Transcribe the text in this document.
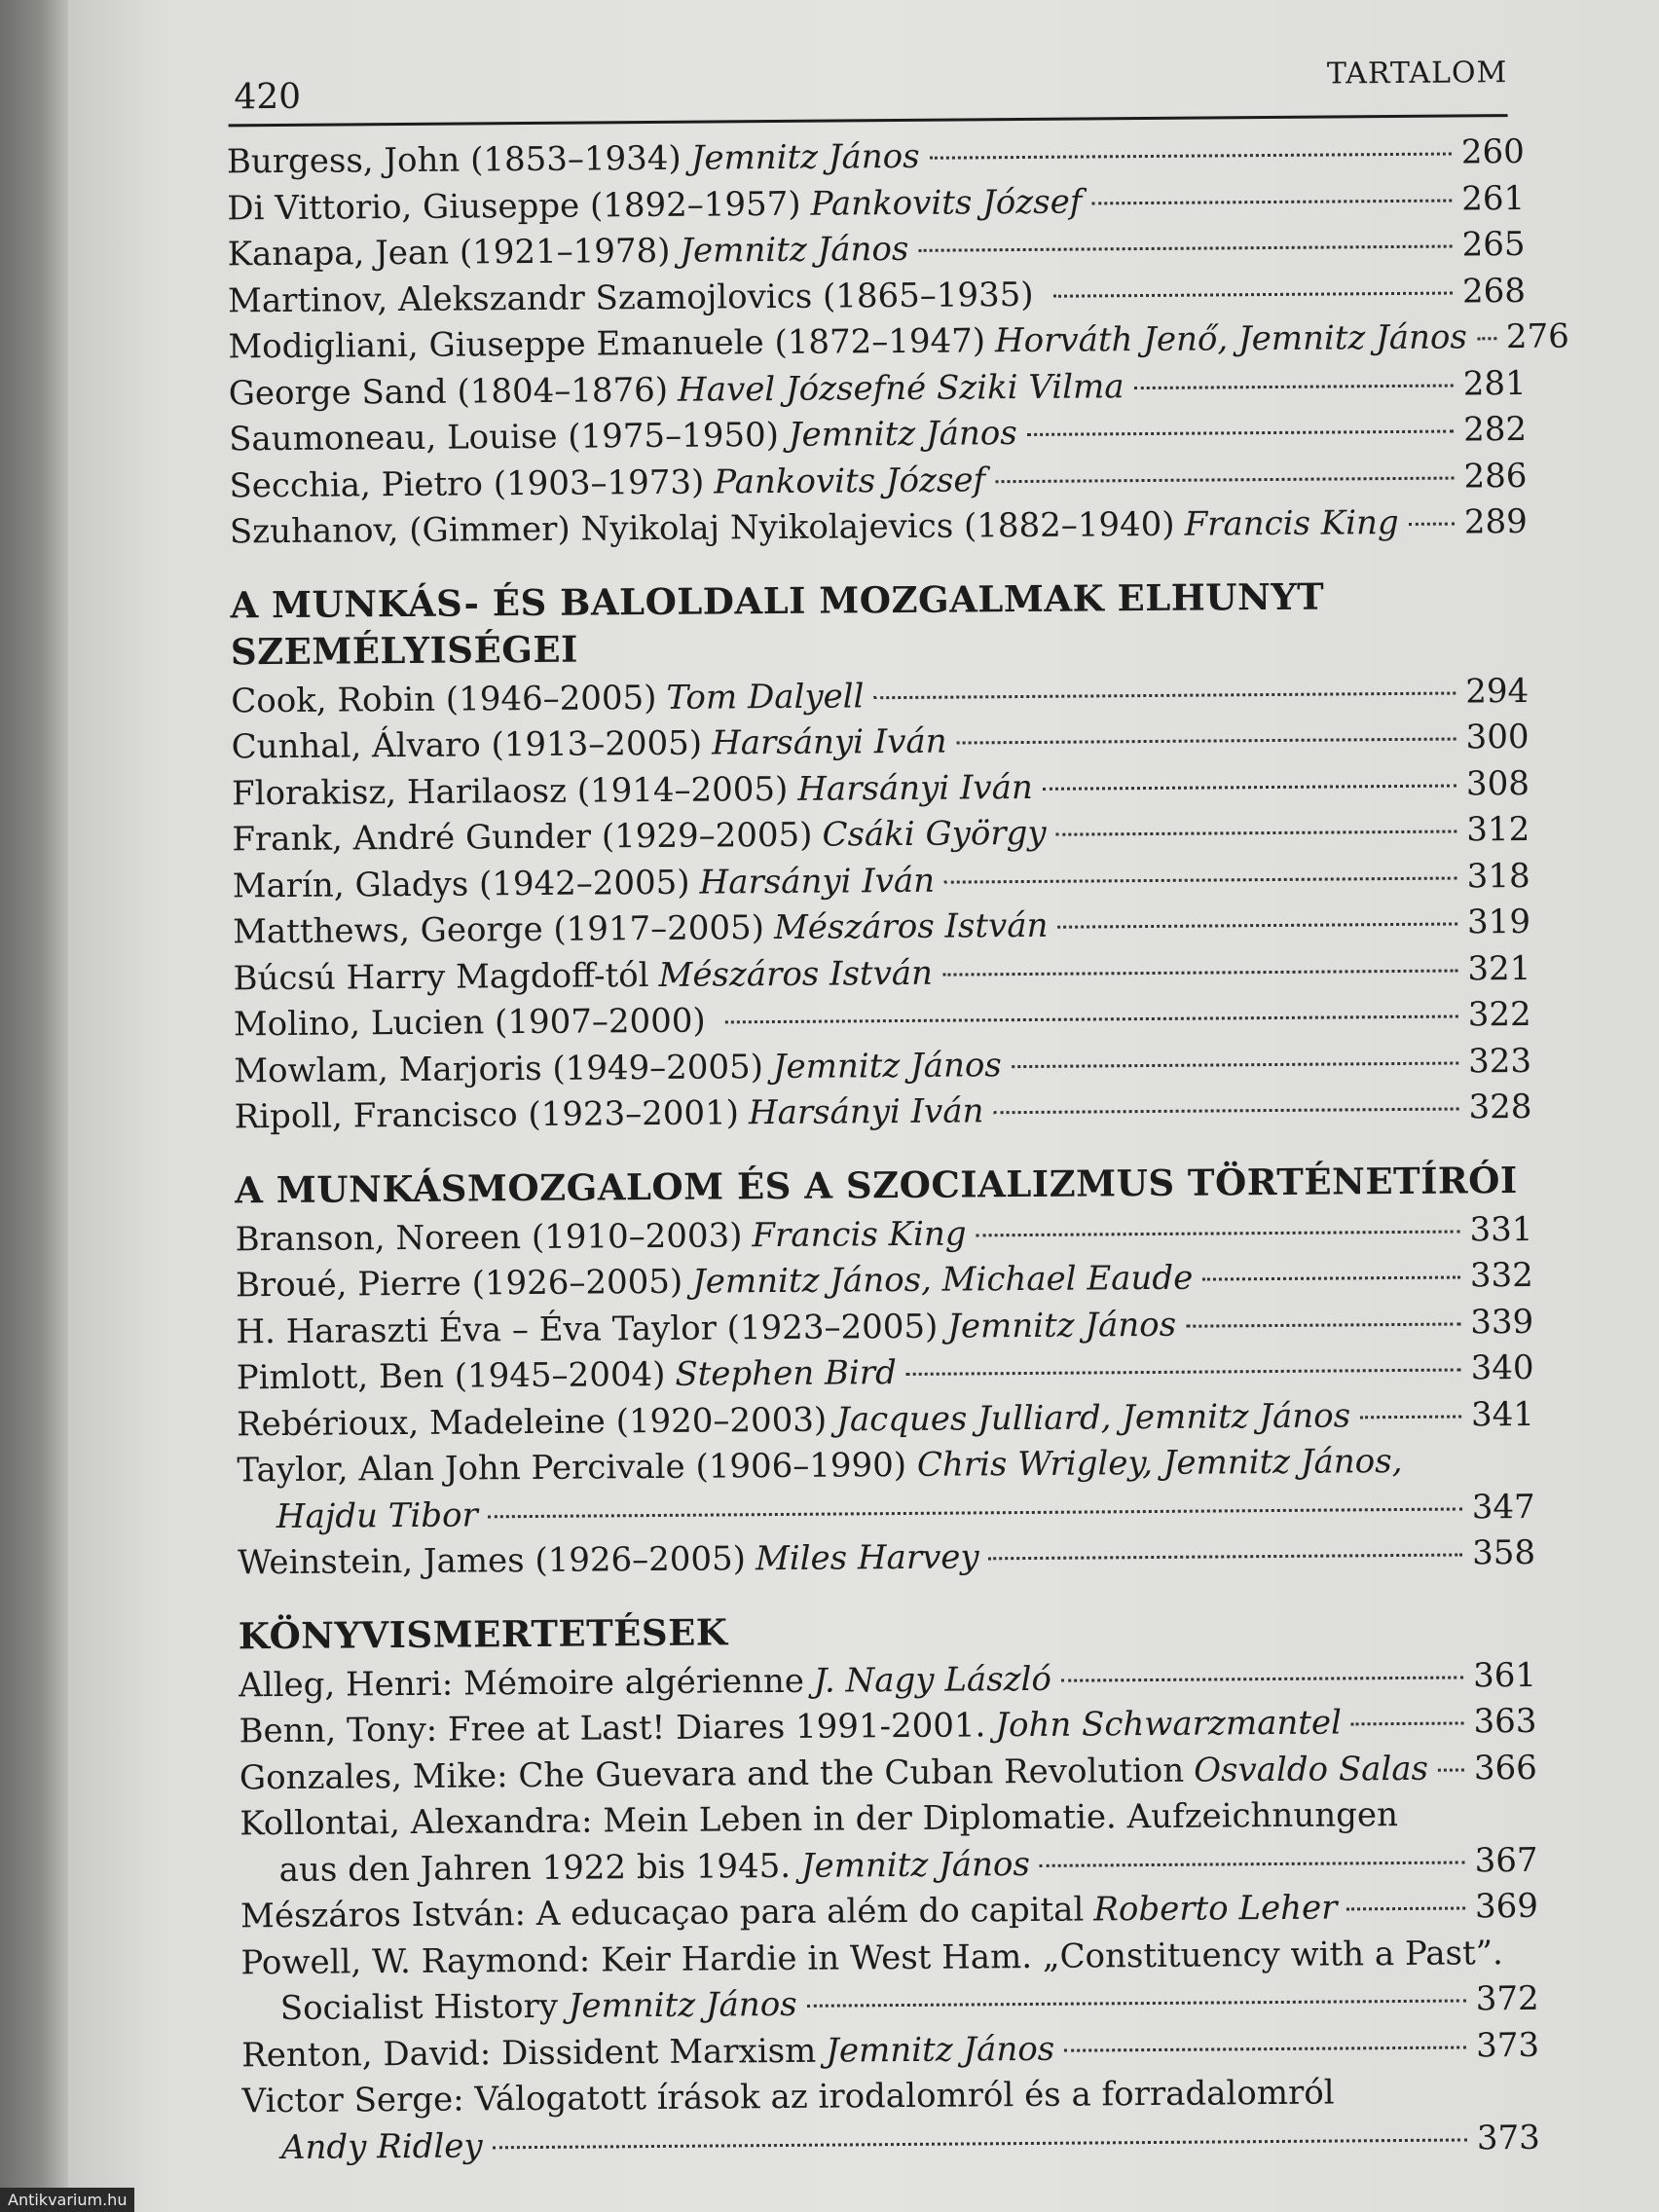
420
TARTALOM
Burgess, John (1853–1934) Jemnitz János	260
Di Vittorio, Giuseppe (1892–1957) Pankovits József	261
Kanapa, Jean (1921–1978) Jemnitz János	265
Martinov, Alekszandr Szamojlovics (1865–1935)	268
Modigliani, Giuseppe Emanuele (1872–1947) Horváth Jenő, Jemnitz János 276
George Sand (1804–1876) Havel Józsefné Sziki Vilma	281
Saumoneau, Louise (1975–1950) Jemnitz János	282
Secchia, Pietro (1903–1973) Pankovits József	286
Szuhanov, (Gimmer) Nyikolaj Nyikolajevics (1882–1940) Francis King 289
A MUNKÁS- ÉS BALOLDALI MOZGALMAK ELHUNYT SZEMÉLYISÉGEI
Cook, Robin (1946–2005) Tom Dalyell	294
Cunhal, Álvaro (1913–2005) Harsányi Iván	300
Florakisz, Harilaosz (1914–2005) Harsányi Iván	308
Frank, André Gunder (1929–2005) Csáki György	312
Marín, Gladys (1942–2005) Harsányi Iván	318
Matthews, George (1917–2005) Mészáros István	319
Búcsú Harry Magdoff-tól Mészáros István	321
Molino, Lucien (1907–2000)	322
Mowlam, Marjoris (1949–2005) Jemnitz János	323
Ripoll, Francisco (1923–2001) Harsányi Iván	328
A MUNKÁSMOZGALOM ÉS A SZOCIALIZMUS TÖRTÉNETÍRÓI
Branson, Noreen (1910–2003) Francis King	331
Broué, Pierre (1926–2005) Jemnitz János, Michael Eaude	332
H. Haraszti Éva – Éva Taylor (1923–2005) Jemnitz János	339
Pimlott, Ben (1945–2004) Stephen Bird	340
Rebérioux, Madeleine (1920–2003) Jacques Julliard, Jemnitz János	341
Taylor, Alan John Percivale (1906–1990) Chris Wrigley, Jemnitz János,
Hajdu Tibor	347
Weinstein, James (1926–2005) Miles Harvey	358
KÖNYVISMERTETÉSEK
Alleg, Henri: Mémoire algérienne J. Nagy László	361
Benn, Tony: Free at Last! Diares 1991-2001. John Schwarzmantel	363
Gonzales, Mike: Che Guevara and the Cuban Revolution Osvaldo Salas 366
Kollontai, Alexandra: Mein Leben in der Diplomatie. Aufzeichnungen
aus den Jahren 1922 bis 1945.
Jemnitz János	367
Mészáros István: A educaçao para além do capital Roberto Leher	369
Powell, W. Raymond: Keir Hardie in West Ham. „Constituency with a Past”.
Socialist History
Jemnitz János	372
Renton, David: Dissident Marxism Jemnitz János	373
Victor Serge: Válogatott írások az irodalomról és a forradalomról
Andy Ridley	373
Antikvarium.hu
